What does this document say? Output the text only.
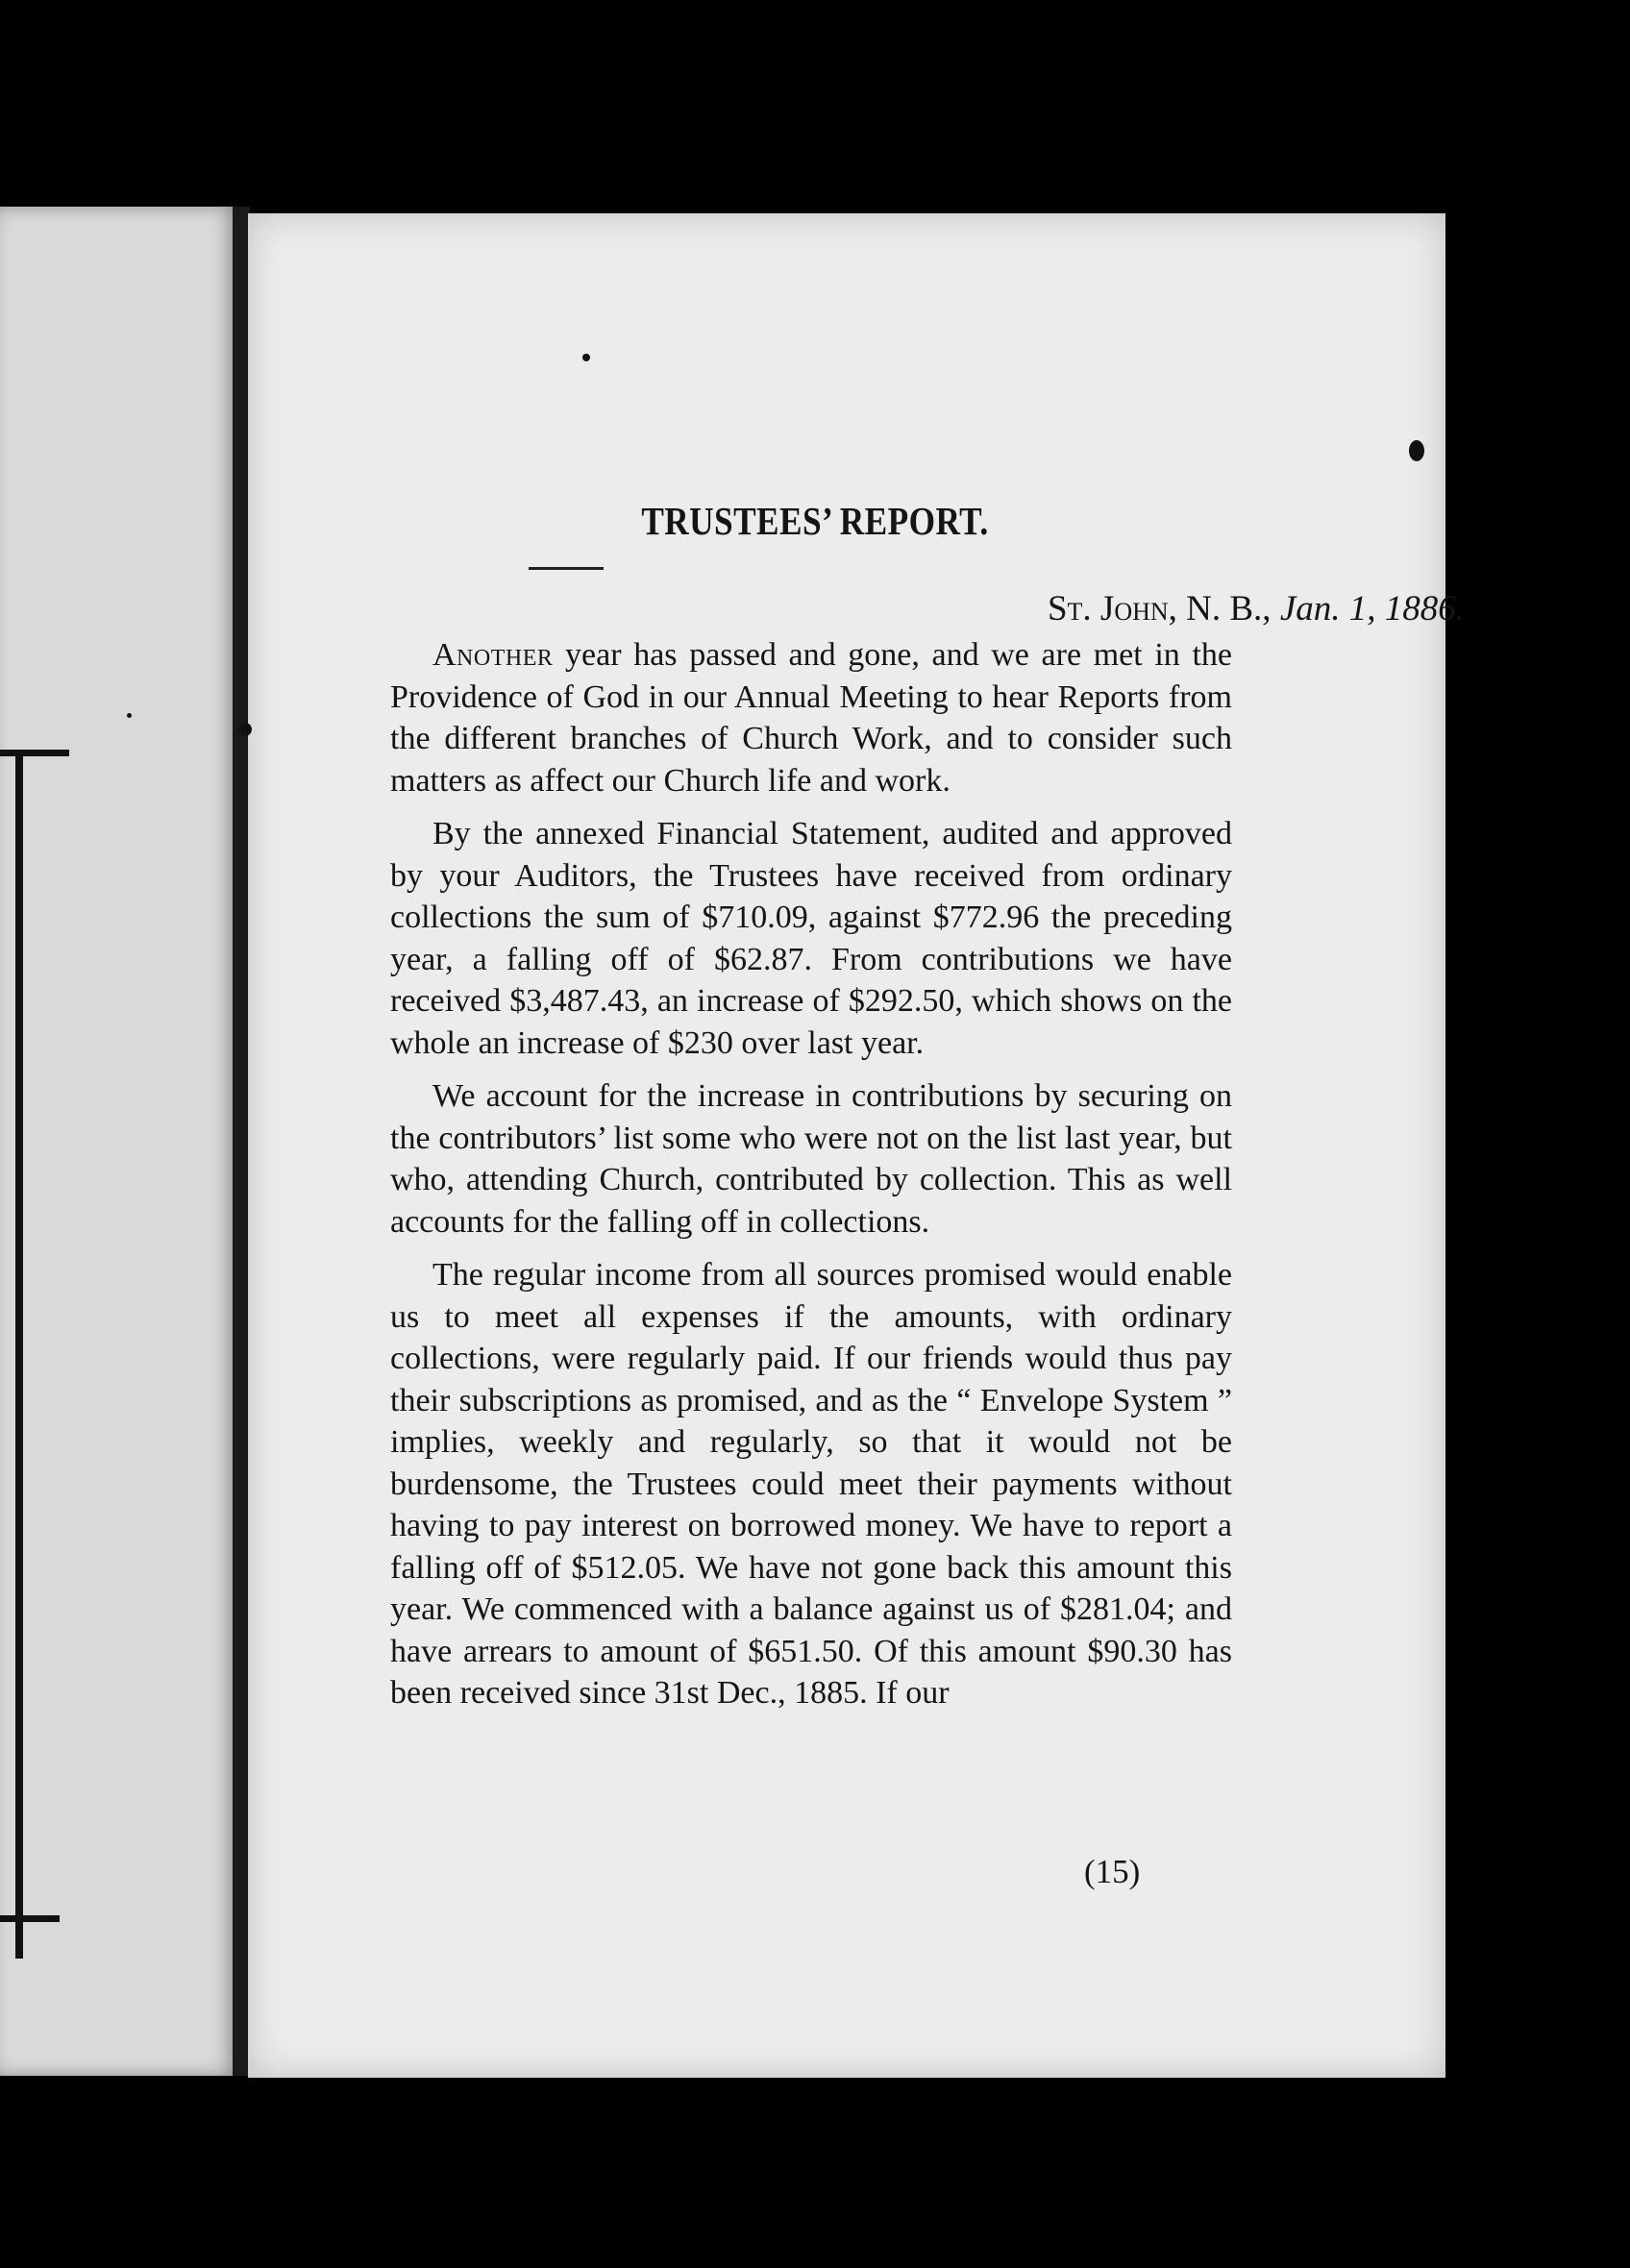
TRUSTEES’ REPORT.
St. John, N. B., Jan. 1, 1886.

Another year has passed and gone, and we are met in the Providence of God in our Annual Meeting to hear Reports from the different branches of Church Work, and to consider such matters as affect our Church life and work.

By the annexed Financial Statement, audited and approved by your Auditors, the Trustees have received from ordinary collections the sum of $710.09, against $772.96 the preceding year, a falling off of $62.87. From contributions we have received $3,487.43, an increase of $292.50, which shows on the whole an increase of $230 over last year.

We account for the increase in contributions by securing on the contributors’ list some who were not on the list last year, but who, attending Church, contributed by collection. This as well accounts for the falling off in collections.

The regular income from all sources promised would enable us to meet all expenses if the amounts, with ordinary collections, were regularly paid. If our friends would thus pay their subscriptions as promised, and as the “ Envelope System ” implies, weekly and regularly, so that it would not be burdensome, the Trustees could meet their payments without having to pay interest on borrowed money. We have to report a falling off of $512.05. We have not gone back this amount this year. We commenced with a balance against us of $281.04; and have arrears to amount of $651.50. Of this amount $90.30 has been received since 31st Dec., 1885. If our

(15)
